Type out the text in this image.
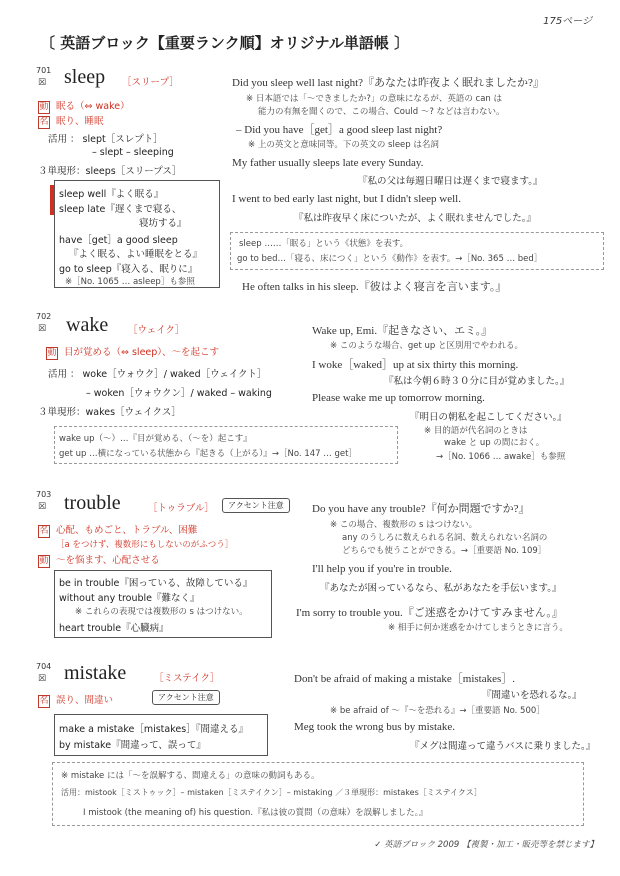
175ページ
〔 英語ブロック【重要ランク順】オリジナル単語帳 〕
701
☒ sleep ［スリープ］
動 眠る（⇔ wake）
名 眠り、睡眠
活用 ： slept［スレプト］
– slept – sleeping
３単現形：sleeps［スリープス］
sleep well『よく眠る』
sleep late『遅くまで寝る、
寝坊する』
have［get］a good sleep
『よく眠る、よい睡眠をとる』
go to sleep『寝入る、眠りに』
※［No. 1065 … asleep］も参照
Did you sleep well last night?『あなたは昨夜よく眠れましたか?』
※ 日本語では「～できましたか?」の意味になるが、英語の can は
能力の有無を聞くので、この場合、Could ～? などは言わない。
– Did you have［get］a good sleep last night?
※ 上の英文と意味同等。下の英文の sleep は名詞
My father usually sleeps late every Sunday.
『私の父は毎週日曜日は遅くまで寝ます。』
I went to bed early last night, but I didn't sleep well.
『私は昨夜早く床についたが、よく眠れませんでした。』
sleep ……「眠る」という《状態》を表す。
go to bed…「寝る、床につく」という《動作》を表す。→［No. 365 … bed］
He often talks in his sleep.『彼はよく寝言を言います。』
702
☒ wake ［ウェイク］
動 目が覚める（⇔ sleep）、～を起こす
活用 ： woke［ウォウク］/ waked［ウェイクト］
– woken［ウォウクン］/ waked – waking
３単現形：wakes［ウェイクス］
wake up（～）…『目が覚める、（～を）起こす』
get up …横になっている状態から『起きる（上がる）』→［No. 147 … get］
Wake up, Emi.『起きなさい、エミ。』
※ このような場合、get up と区別用でやわれる。
I woke［waked］up at six thirty this morning.
『私は今朝６時３０分に目が覚めました。』
Please wake me up tomorrow morning.
『明日の朝私を起こしてください。』
※ 目的語が代名詞のときは
wake と up の間におく。
→［No. 1066 … awake］も参照
703
☒ trouble	［トゥラブル］	アクセント注意
名 心配、もめごと、トラブル、困難
［a をつけず、複数形にもしないのがふつう］
動 ～を悩ます、心配させる
be in trouble『困っている、故障している』
without any trouble『難なく』
※ これらの表現では複数形の s はつけない。
heart trouble『心臓病』
Do you have any trouble?『何か問題ですか?』
※ この場合、複数形の s はつけない。
any のうしろに数えられる名詞、数えられない名詞の
どちらでも使うことができる。→［重要語 No. 109］
I'll help you if you're in trouble.
『あなたが困っているなら、私があなたを手伝います。』
I'm sorry to trouble you.『ご迷惑をかけてすみません。』
※ 相手に何か迷惑をかけてしまうときに言う。
704
☒ mistake	［ミステイク］
アクセント注意
名 誤り、間違い
make a mistake［mistakes］『間違える』
by mistake『間違って、誤って』
Don't be afraid of making a mistake［mistakes］.
『間違いを恐れるな。』
※ be afraid of ～『～を恐れる』→［重要語 No. 500］
Meg took the wrong bus by mistake.
『メグは間違って違うバスに乗りました。』
※ mistake には「～を誤解する、間違える」の意味の動詞もある。
活用：mistook［ミストゥック］– mistaken［ミステイクン］– mistaking ／３単現形：mistakes［ミステイクス］
I mistook (the meaning of) his question.『私は彼の質問（の意味）を誤解しました。』
✓ 英語ブロック 2009 【複製・加工・販売等を禁じます】
